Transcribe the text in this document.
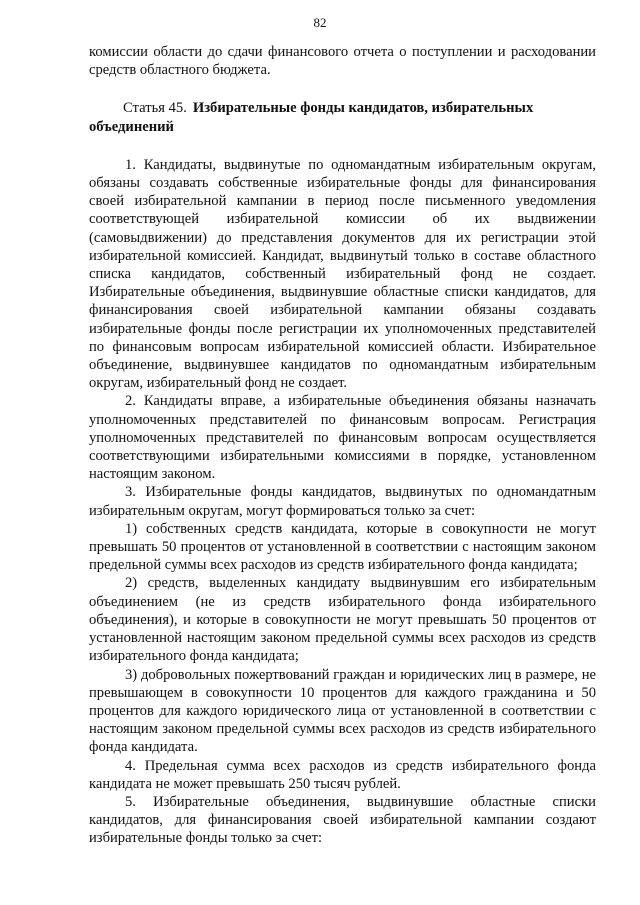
82

комиссии области до сдачи финансового отчета о поступлении и расходовании средств областного бюджета.

Статья 45. Избирательные фонды кандидатов, избирательных
объединений

1. Кандидаты, выдвинутые по одномандатным избирательным округам, обязаны создавать собственные избирательные фонды для финансирования своей избирательной кампании в период после письменного уведомления соответствующей избирательной комиссии об их выдвижении (самовыдвижении) до представления документов для их регистрации этой избирательной комиссией. Кандидат, выдвинутый только в составе областного списка кандидатов, собственный избирательный фонд не создает. Избирательные объединения, выдвинувшие областные списки кандидатов, для финансирования своей избирательной кампании обязаны создавать избирательные фонды после регистрации их уполномоченных представителей по финансовым вопросам избирательной комиссией области. Избирательное объединение, выдвинувшее кандидатов по одномандатным избирательным округам, избирательный фонд не создает.

2. Кандидаты вправе, а избирательные объединения обязаны назначать уполномоченных представителей по финансовым вопросам. Регистрация уполномоченных представителей по финансовым вопросам осуществляется соответствующими избирательными комиссиями в порядке, установленном настоящим законом.

3. Избирательные фонды кандидатов, выдвинутых по одномандатным избирательным округам, могут формироваться только за счет:

1) собственных средств кандидата, которые в совокупности не могут превышать 50 процентов от установленной в соответствии с настоящим законом предельной суммы всех расходов из средств избирательного фонда кандидата;

2) средств, выделенных кандидату выдвинувшим его избирательным объединением (не из средств избирательного фонда избирательного объединения), и которые в совокупности не могут превышать 50 процентов от установленной настоящим законом предельной суммы всех расходов из средств избирательного фонда кандидата;

3) добровольных пожертвований граждан и юридических лиц в размере, не превышающем в совокупности 10 процентов для каждого гражданина и 50 процентов для каждого юридического лица от установленной в соответствии с настоящим законом предельной суммы всех расходов из средств избирательного фонда кандидата.

4. Предельная сумма всех расходов из средств избирательного фонда кандидата не может превышать 250 тысяч рублей.

5. Избирательные объединения, выдвинувшие областные списки кандидатов, для финансирования своей избирательной кампании создают избирательные фонды только за счет:
